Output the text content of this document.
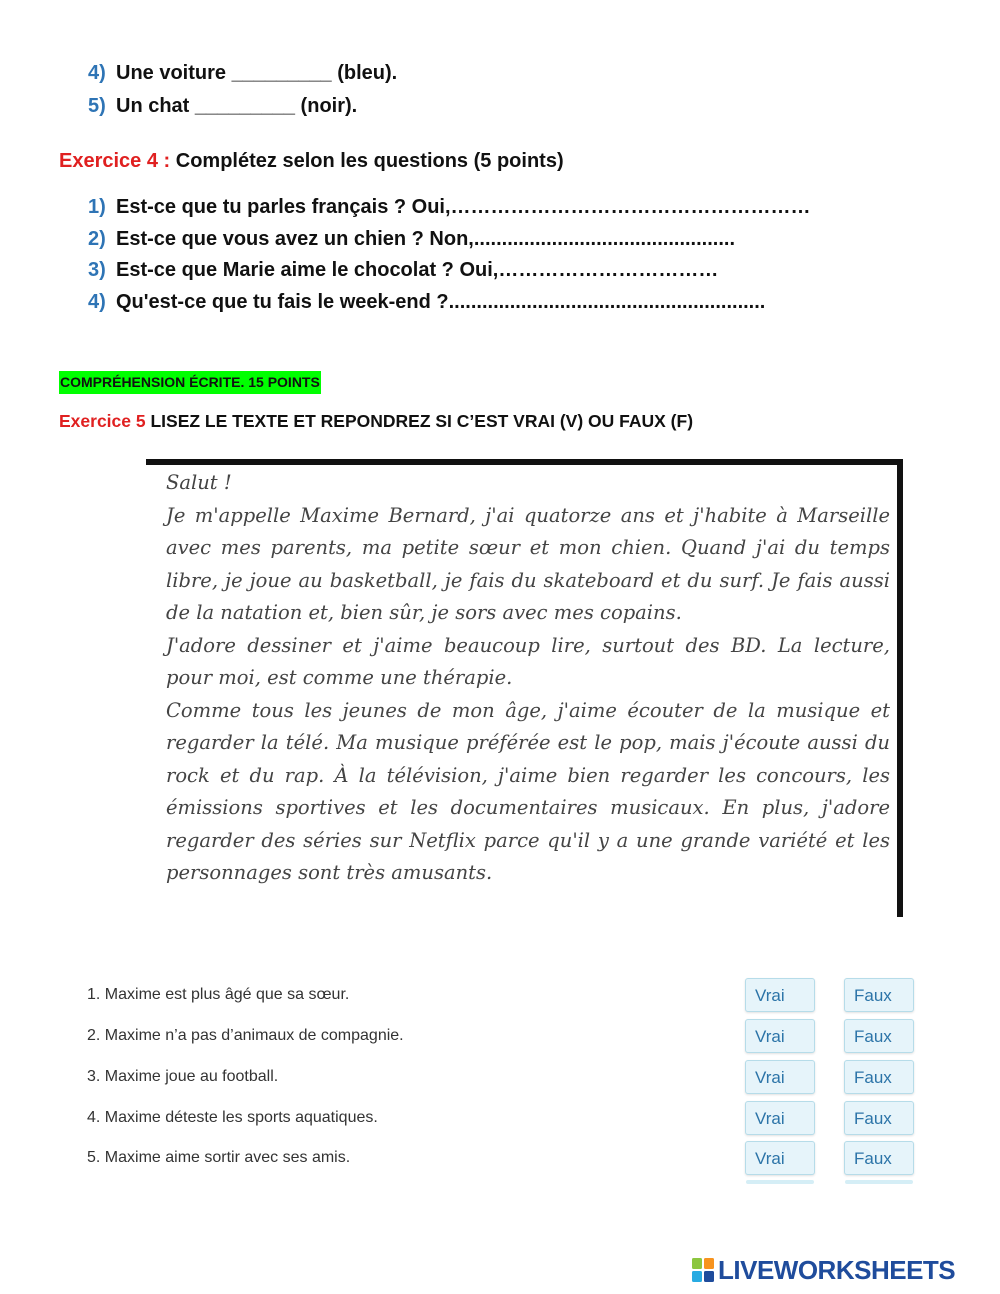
4) Une voiture _________ (bleu).
5) Un chat _________ (noir).
Exercice 4 : Complétez selon les questions (5 points)
1) Est-ce que tu parles français ? Oui,………………………………………………
2) Est-ce que vous avez un chien ? Non,...............................................
3) Est-ce que Marie aime le chocolat ? Oui,……………………………
4) Qu'est-ce que tu fais le week-end ?.........................................................
COMPRÉHENSION ÉCRITE. 15 POINTS
Exercice 5 LISEZ LE TEXTE ET REPONDREZ SI C’EST VRAI (V) OU FAUX (F)

Salut !

Je m'appelle Maxime Bernard, j'ai quatorze ans et j'habite à Marseille avec mes parents, ma petite sœur et mon chien. Quand j'ai du temps libre, je joue au basketball, je fais du skateboard et du surf. Je fais aussi de la natation et, bien sûr, je sors avec mes copains.

J'adore dessiner et j'aime beaucoup lire, surtout des BD. La lecture, pour moi, est comme une thérapie.

Comme tous les jeunes de mon âge, j'aime écouter de la musique et regarder la télé. Ma musique préférée est le pop, mais j'écoute aussi du rock et du rap. À la télévision, j'aime bien regarder les concours, les émissions sportives et les documentaires musicaux. En plus, j'adore regarder des séries sur Netflix parce qu'il y a une grande variété et les personnages sont très amusants.

1. Maxime est plus âgé que sa sœur.	Vrai	Faux
2. Maxime n’a pas d’animaux de compagnie.	Vrai	Faux
3. Maxime joue au football.	Vrai	Faux
4. Maxime déteste les sports aquatiques.	Vrai	Faux
5. Maxime aime sortir avec ses amis.	Vrai	Faux
LIVEWORKSHEETS
